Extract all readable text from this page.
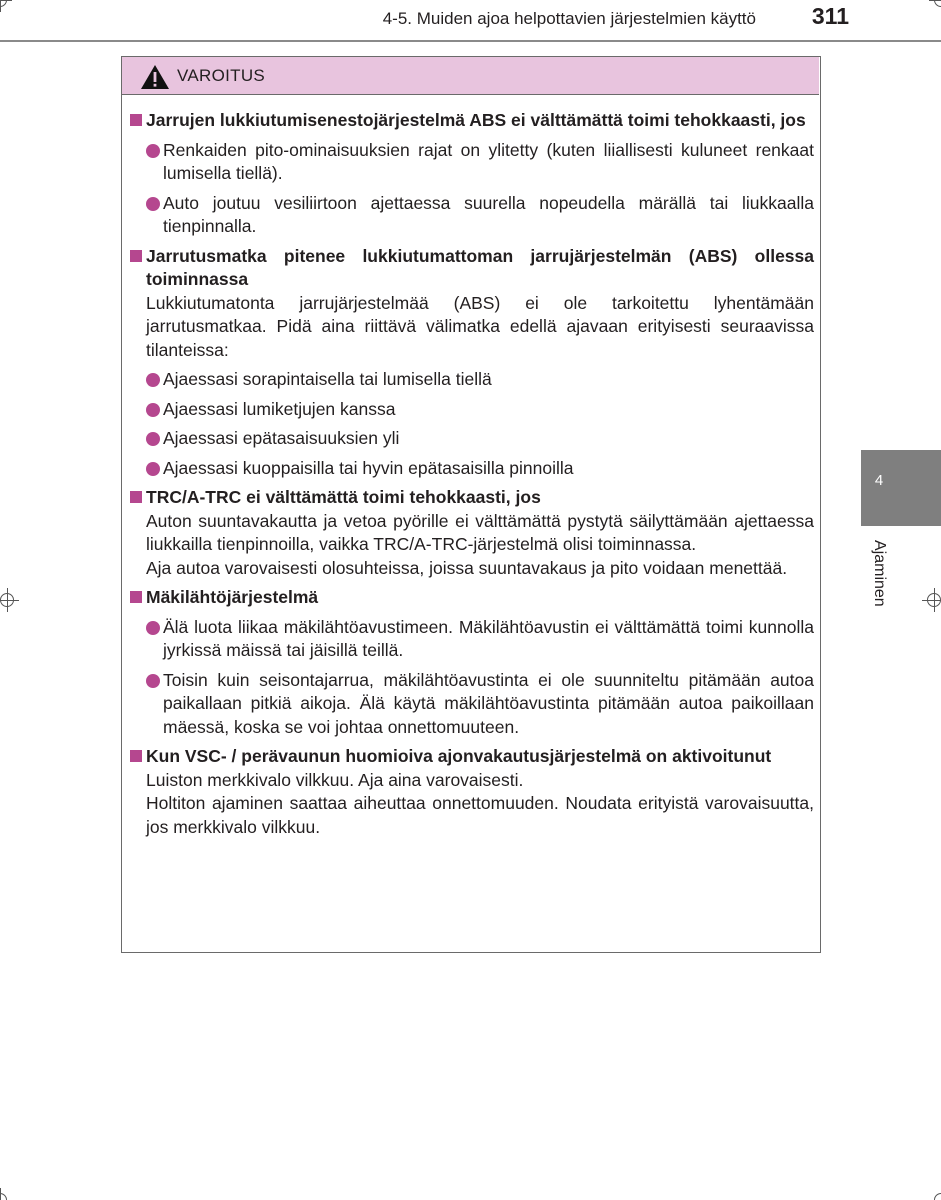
4-5. Muiden ajoa helpottavien järjestelmien käyttö 311
4
Ajaminen
VAROITUS
Jarrujen lukkiutumisenestojärjestelmä ABS ei välttämättä toimi tehokkaasti, jos
Renkaiden pito-ominaisuuksien rajat on ylitetty (kuten liiallisesti kuluneet renkaat lumisella tiellä).
Auto joutuu vesiliirtoon ajettaessa suurella nopeudella märällä tai liukkaalla tienpinnalla.
Jarrutusmatka pitenee lukkiutumattoman jarrujärjestelmän (ABS) ollessa toiminnassa
Lukkiutumatonta jarrujärjestelmää (ABS) ei ole tarkoitettu lyhentämään jarrutusmatkaa. Pidä aina riittävä välimatka edellä ajavaan erityisesti seuraavissa tilanteissa:
Ajaessasi sorapintaisella tai lumisella tiellä
Ajaessasi lumiketjujen kanssa
Ajaessasi epätasaisuuksien yli
Ajaessasi kuoppaisilla tai hyvin epätasaisilla pinnoilla
TRC/A-TRC ei välttämättä toimi tehokkaasti, jos
Auton suuntavakautta ja vetoa pyörille ei välttämättä pystytä säilyttämään ajettaessa liukkailla tienpinnoilla, vaikka TRC/A-TRC-järjestelmä olisi toiminnassa.
Aja autoa varovaisesti olosuhteissa, joissa suuntavakaus ja pito voidaan menettää.
Mäkilähtöjärjestelmä
Älä luota liikaa mäkilähtöavustimeen. Mäkilähtöavustin ei välttämättä toimi kunnolla jyrkissä mäissä tai jäisillä teillä.
Toisin kuin seisontajarrua, mäkilähtöavustinta ei ole suunniteltu pitämään autoa paikallaan pitkiä aikoja. Älä käytä mäkilähtöavustinta pitämään autoa paikoillaan mäessä, koska se voi johtaa onnettomuuteen.
Kun VSC- / perävaunun huomioiva ajonvakautusjärjestelmä on aktivoitunut
Luiston merkkivalo vilkkuu. Aja aina varovaisesti.
Holtiton ajaminen saattaa aiheuttaa onnettomuuden. Noudata erityistä varovaisuutta, jos merkkivalo vilkkuu.
